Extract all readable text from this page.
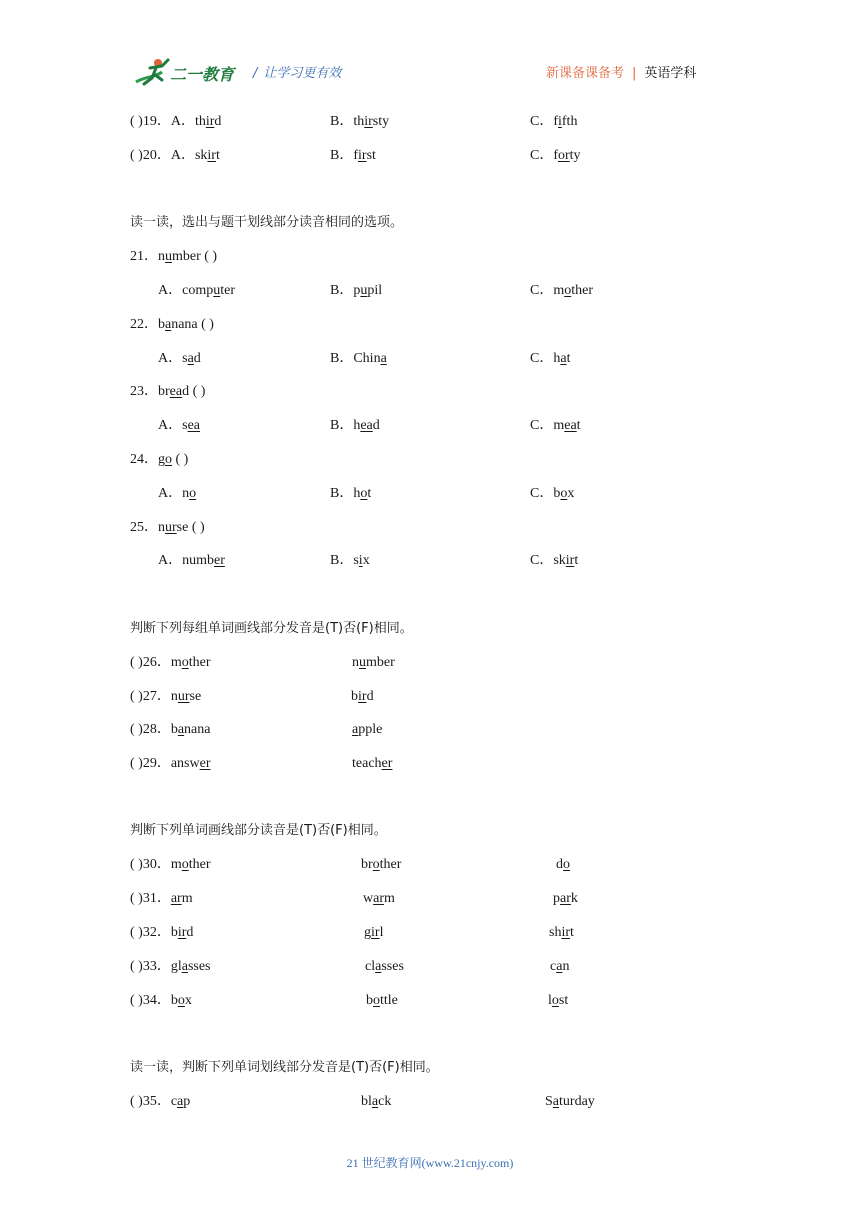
二一教育 / 让学习更有效	新课备课备考 | 英语学科
( )19．A．third	B．thirsty	C．fifth
( )20．A．skirt	B．first	C．forty
读一读，选出与题干划线部分读音相同的选项。
21．number ( )
A．computer	B．pupil	C．mother
22．banana ( )
A．sad	B．China	C．hat
23．bread ( )
A．sea	B．head	C．meat
24．go ( )
A．no	B．hot	C．box
25．nurse ( )
A．number	B．six	C．skirt
判断下列每组单词画线部分发音是(T)否(F)相同。
( )26．mother	number
( )27．nurse	bird
( )28．banana	apple
( )29．answer	teacher
判断下列单词画线部分读音是(T)否(F)相同。
( )30．mother	brother	do
( )31．arm	warm	park
( )32．bird	girl	shirt
( )33．glasses	classes	can
( )34．box	bottle	lost
读一读，判断下列单词划线部分发音是(T)否(F)相同。
( )35．cap	black	Saturday
21 世纪教育网(www.21cnjy.com)
